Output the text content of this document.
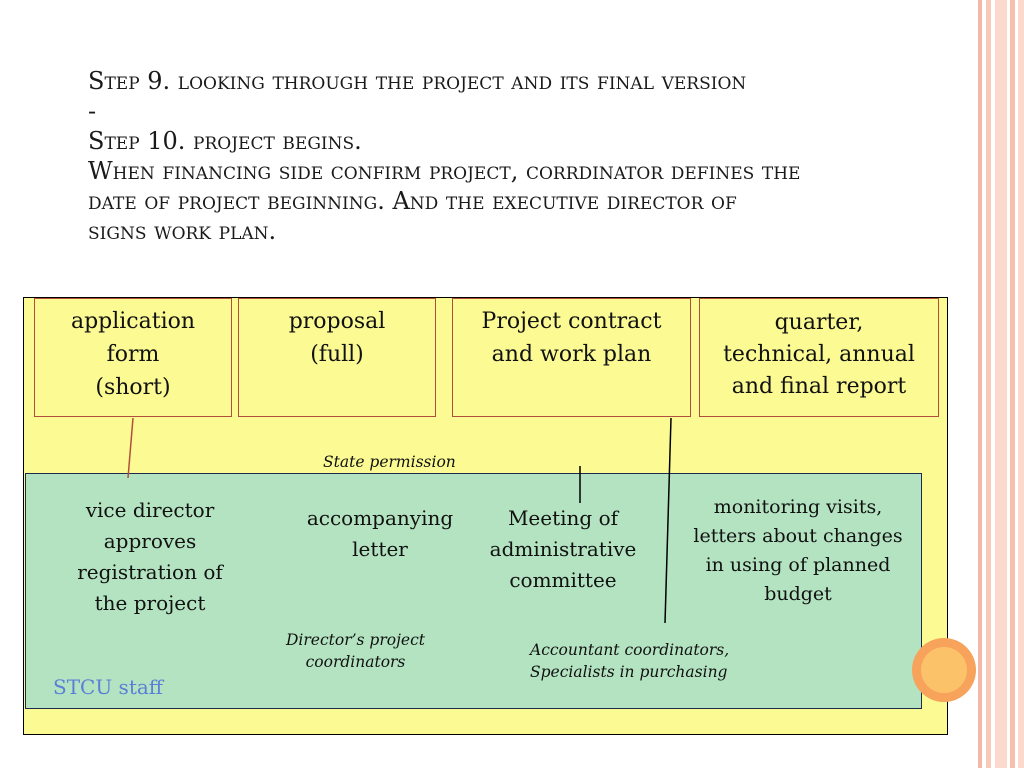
Step 9. looking through the project and its final version
-
Step 10. project begins.
When financing side confirm project, corrdinator defines the
date of project beginning. And the executive director of
signs work plan.
application
form
(short)
proposal
(full)
Project contract
and work plan
quarter,
technical, annual
and final report
State permission
vice director
approves
registration of
the project
accompanying
letter
Meeting of
administrative
committee
monitoring visits,
letters about changes
in using of planned
budget
Director’s project
coordinators
Accountant coordinators,
Specialists in purchasing
STCU staff
